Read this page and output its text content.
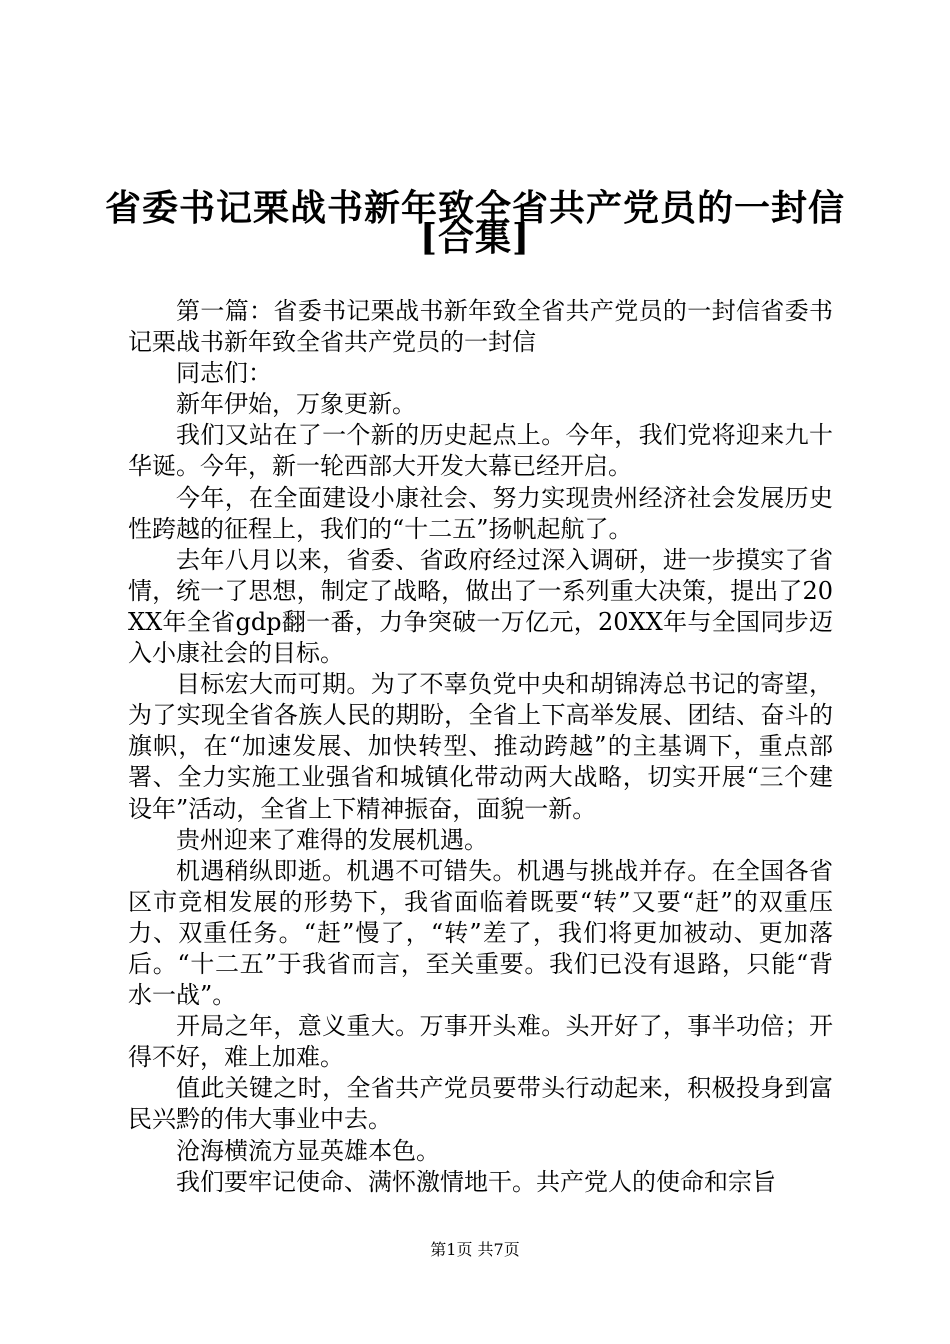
省委书记栗战书新年致全省共产党员的一封信
[合集]

第一篇：省委书记栗战书新年致全省共产党员的一封信省委书记栗战书新年致全省共产党员的一封信

同志们：

新年伊始，万象更新。

我们又站在了一个新的历史起点上。今年，我们党将迎来九十华诞。今年，新一轮西部大开发大幕已经开启。

今年，在全面建设小康社会、努力实现贵州经济社会发展历史性跨越的征程上，我们的“十二五”扬帆起航了。

去年八月以来，省委、省政府经过深入调研，进一步摸实了省情，统一了思想，制定了战略，做出了一系列重大决策，提出了20XX年全省gdp翻一番，力争突破一万亿元，20XX年与全国同步迈入小康社会的目标。

目标宏大而可期。为了不辜负党中央和胡锦涛总书记的寄望，为了实现全省各族人民的期盼，全省上下高举发展、团结、奋斗的旗帜，在“加速发展、加快转型、推动跨越”的主基调下，重点部署、全力实施工业强省和城镇化带动两大战略，切实开展“三个建设年”活动，全省上下精神振奋，面貌一新。

贵州迎来了难得的发展机遇。

机遇稍纵即逝。机遇不可错失。机遇与挑战并存。在全国各省区市竞相发展的形势下，我省面临着既要“转”又要“赶”的双重压力、双重任务。“赶”慢了，“转”差了，我们将更加被动、更加落后。“十二五”于我省而言，至关重要。我们已没有退路，只能“背水一战”。

开局之年，意义重大。万事开头难。头开好了，事半功倍；开得不好，难上加难。

值此关键之时，全省共产党员要带头行动起来，积极投身到富民兴黔的伟大事业中去。

沧海横流方显英雄本色。

我们要牢记使命、满怀激情地干。共产党人的使命和宗旨

第1页 共7页
